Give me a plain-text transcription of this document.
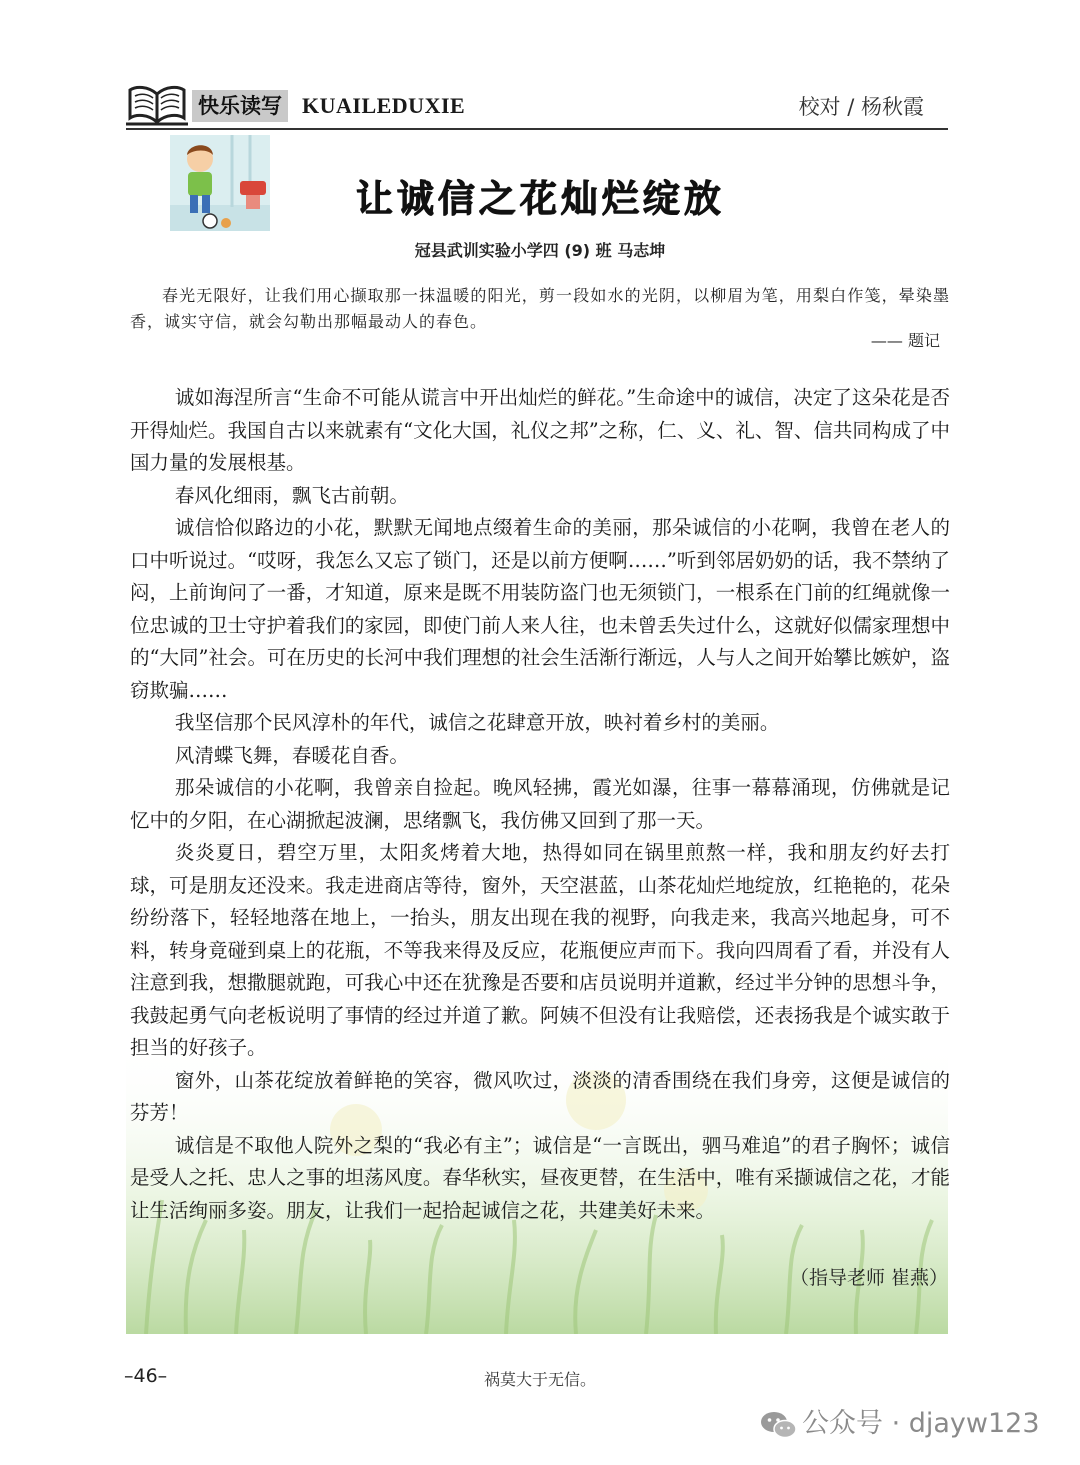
快乐读写 KUAILEDUXIE	校对 / 杨秋霞
让诚信之花灿烂绽放
冠县武训实验小学四 (9) 班 马志坤
春光无限好，让我们用心撷取那一抹温暖的阳光，剪一段如水的光阴，以柳眉为笔，用梨白作笺，晕染墨香，诚实守信，就会勾勒出那幅最动人的春色。
—— 题记

诚如海涅所言“生命不可能从谎言中开出灿烂的鲜花。”生命途中的诚信，决定了这朵花是否开得灿烂。我国自古以来就素有“文化大国，礼仪之邦”之称，仁、义、礼、智、信共同构成了中国力量的发展根基。

春风化细雨，飘飞古前朝。

诚信恰似路边的小花，默默无闻地点缀着生命的美丽，那朵诚信的小花啊，我曾在老人的口中听说过。“哎呀，我怎么又忘了锁门，还是以前方便啊……”听到邻居奶奶的话，我不禁纳了闷，上前询问了一番，才知道，原来是既不用装防盗门也无须锁门，一根系在门前的红绳就像一位忠诚的卫士守护着我们的家园，即使门前人来人往，也未曾丢失过什么，这就好似儒家理想中的“大同”社会。可在历史的长河中我们理想的社会生活渐行渐远，人与人之间开始攀比嫉妒，盗窃欺骗……

我坚信那个民风淳朴的年代，诚信之花肆意开放，映衬着乡村的美丽。

风清蝶飞舞，春暖花自香。

那朵诚信的小花啊，我曾亲自捡起。晚风轻拂，霞光如瀑，往事一幕幕涌现，仿佛就是记忆中的夕阳，在心湖掀起波澜，思绪飘飞，我仿佛又回到了那一天。

炎炎夏日，碧空万里，太阳炙烤着大地，热得如同在锅里煎熬一样，我和朋友约好去打球，可是朋友还没来。我走进商店等待，窗外，天空湛蓝，山茶花灿烂地绽放，红艳艳的，花朵纷纷落下，轻轻地落在地上，一抬头，朋友出现在我的视野，向我走来，我高兴地起身，可不料，转身竟碰到桌上的花瓶，不等我来得及反应，花瓶便应声而下。我向四周看了看，并没有人注意到我，想撒腿就跑，可我心中还在犹豫是否要和店员说明并道歉，经过半分钟的思想斗争，我鼓起勇气向老板说明了事情的经过并道了歉。阿姨不但没有让我赔偿，还表扬我是个诚实敢于担当的好孩子。

窗外，山茶花绽放着鲜艳的笑容，微风吹过，淡淡的清香围绕在我们身旁，这便是诚信的芬芳！

诚信是不取他人院外之梨的“我必有主”；诚信是“一言既出，驷马难追”的君子胸怀；诚信是受人之托、忠人之事的坦荡风度。春华秋实，昼夜更替，在生活中，唯有采撷诚信之花，才能让生活绚丽多姿。朋友，让我们一起拾起诚信之花，共建美好未来。

（指导老师 崔燕）
–46–	祸莫大于无信。
公众号 · djayw123
